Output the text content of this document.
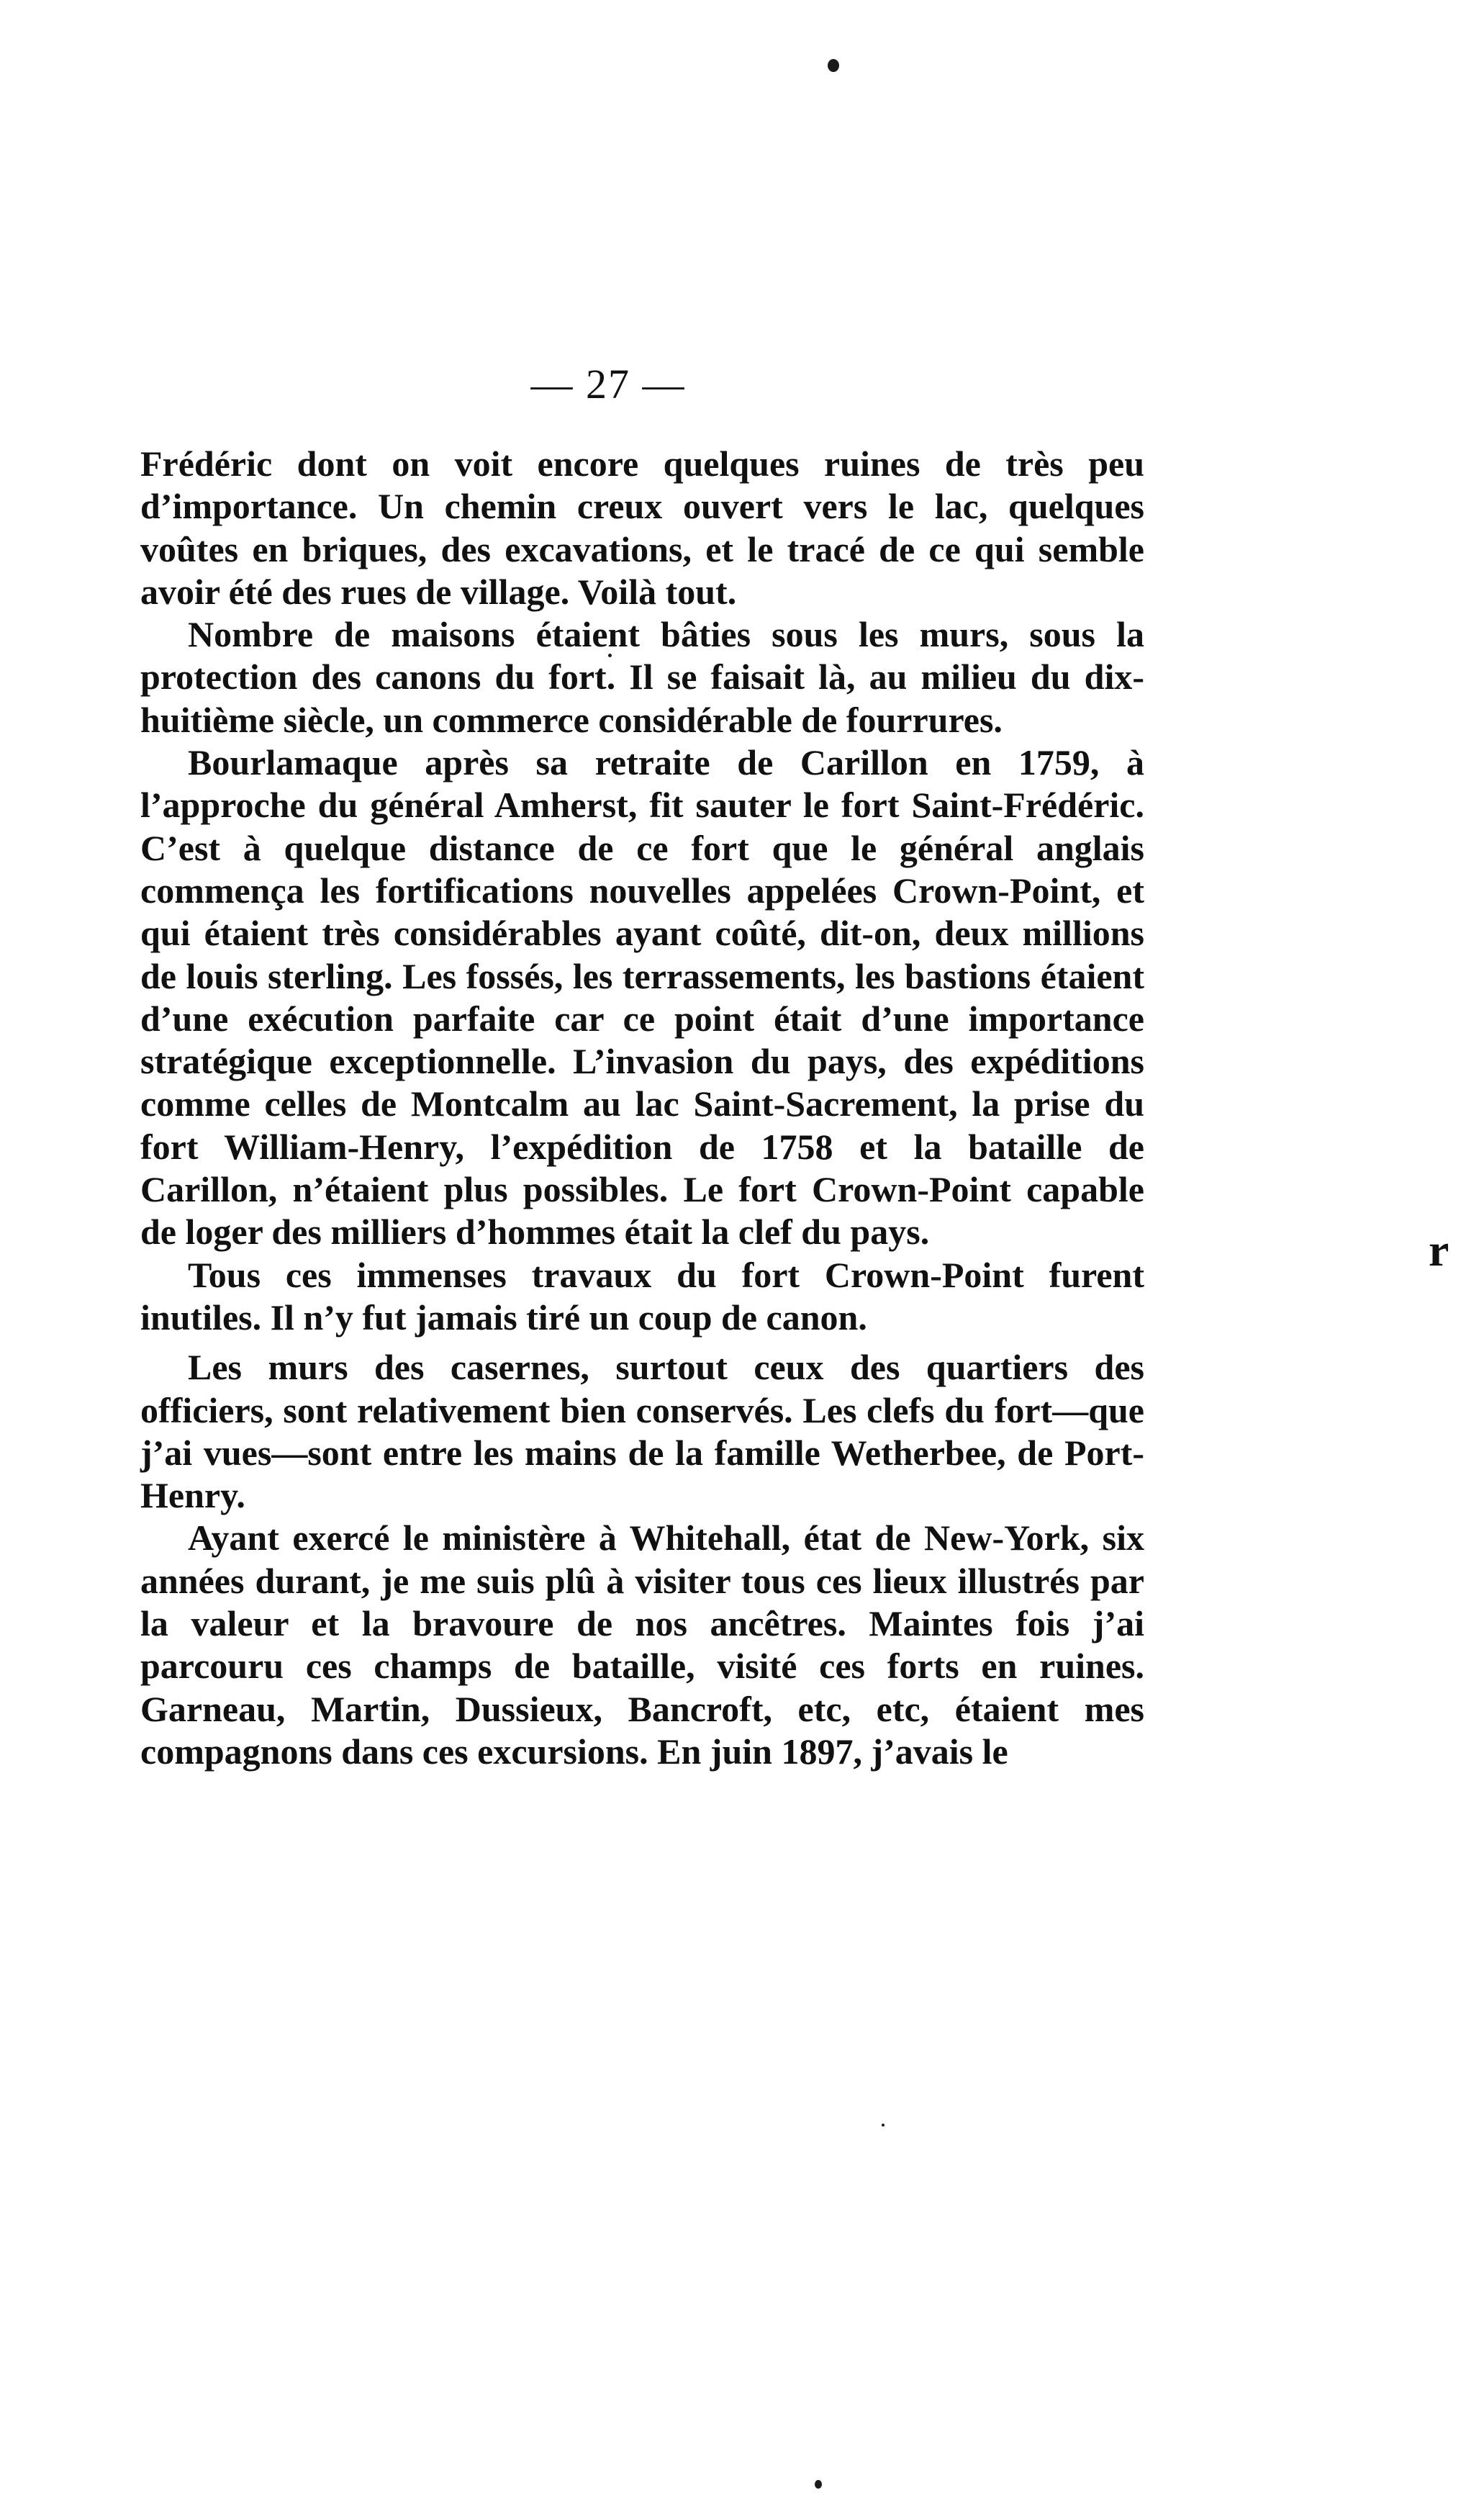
— 27 —

Frédéric dont on voit encore quelques ruines de très peu d’importance. Un chemin creux ouvert vers le lac, quelques voûtes en briques, des excavations, et le tracé de ce qui semble avoir été des rues de village. Voilà tout.

Nombre de maisons étaient bâties sous les murs, sous la protection des canons du fort. Il se faisait là, au milieu du dix-huitième siècle, un commerce considérable de fourrures.

Bourlamaque après sa retraite de Carillon en 1759, à l’approche du général Amherst, fit sauter le fort Saint-Frédéric. C’est à quelque distance de ce fort que le général anglais commença les fortifications nouvelles appelées Crown-Point, et qui étaient très considérables ayant coûté, dit-on, deux millions de louis sterling. Les fossés, les terrassements, les bastions étaient d’une exécution parfaite car ce point était d’une importance stratégique exceptionnelle. L’invasion du pays, des expéditions comme celles de Montcalm au lac Saint-Sacrement, la prise du fort William-Henry, l’expédition de 1758 et la bataille de Carillon, n’étaient plus possibles. Le fort Crown-Point capable de loger des milliers d’hommes était la clef du pays.

Tous ces immenses travaux du fort Crown-Point furent inutiles. Il n’y fut jamais tiré un coup de canon.

Les murs des casernes, surtout ceux des quartiers des officiers, sont relativement bien conservés. Les clefs du fort—que j’ai vues—sont entre les mains de la famille Wetherbee, de Port-Henry.

Ayant exercé le ministère à Whitehall, état de New-York, six années durant, je me suis plû à visiter tous ces lieux illustrés par la valeur et la bravoure de nos ancêtres. Maintes fois j’ai parcouru ces champs de bataille, visité ces forts en ruines. Garneau, Martin, Dussieux, Bancroft, etc, etc, étaient mes compagnons dans ces excursions. En juin 1897, j’avais le

r
